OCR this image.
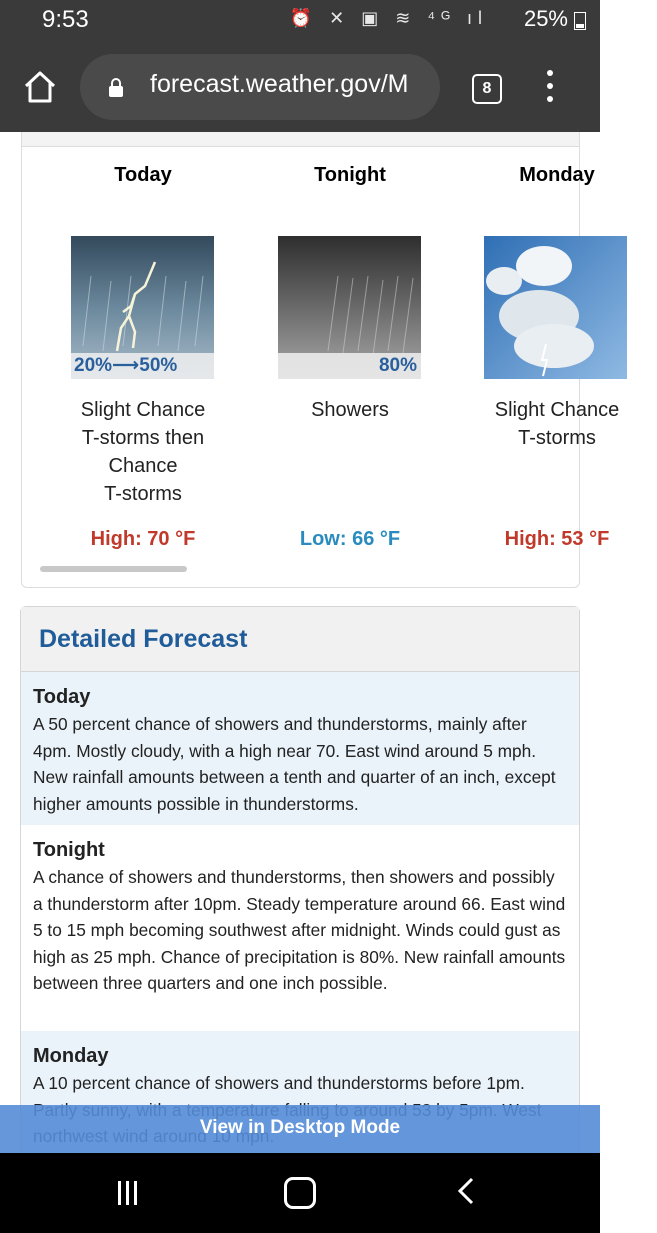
9:53	⏰ ✕ ▣ ≋ ⁴ᴳ ıl 25%
forecast.weather.gov/M	8
Today
20%⟶50%
Slight Chance
T-storms then
Chance
T-storms
High: 70 °F
Tonight
80%
Showers
Low: 66 °F
Monday
Slight Chance
T-storms
High: 53 °F
Detailed Forecast
Today
A 50 percent chance of showers and thunderstorms, mainly after 4pm. Mostly cloudy, with a high near 70. East wind around 5 mph. New rainfall amounts between a tenth and quarter of an inch, except higher amounts possible in thunderstorms.
Tonight
A chance of showers and thunderstorms, then showers and possibly a thunderstorm after 10pm. Steady temperature around 66. East wind 5 to 15 mph becoming southwest after midnight. Winds could gust as high as 25 mph. Chance of precipitation is 80%. New rainfall amounts between three quarters and one inch possible.
Monday
A 10 percent chance of showers and thunderstorms before 1pm.
View in Desktop Mode
